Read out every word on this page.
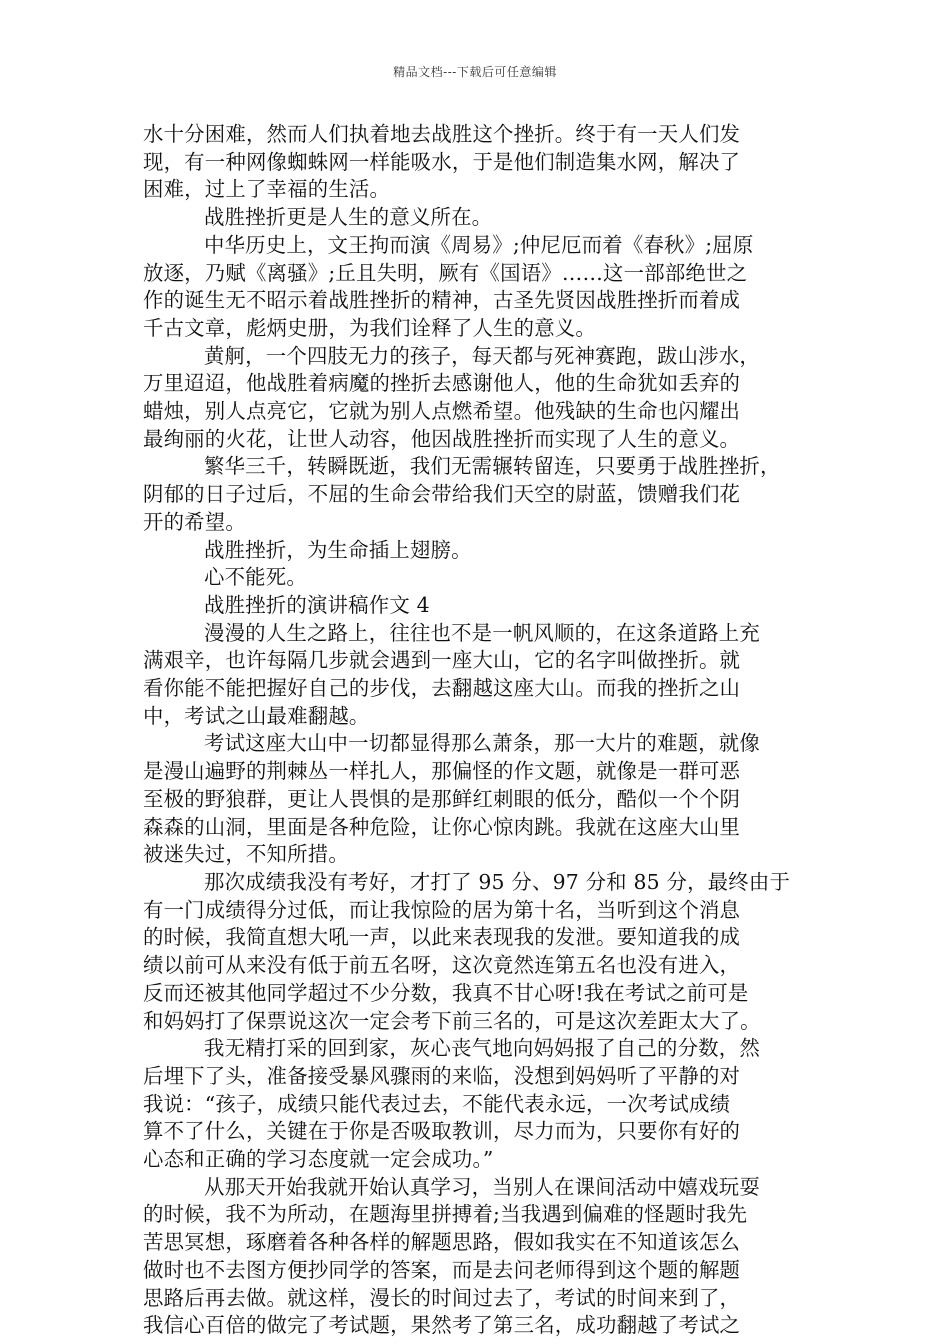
精品文档---下载后可任意编辑

水十分困难，然而人们执着地去战胜这个挫折。终于有一天人们发
现，有一种网像蜘蛛网一样能吸水，于是他们制造集水网，解决了
困难，过上了幸福的生活。

战胜挫折更是人生的意义所在。

中华历史上，文王拘而演《周易》;仲尼厄而着《春秋》;屈原
放逐，乃赋《离骚》;丘且失明，厥有《国语》……这一部部绝世之
作的诞生无不昭示着战胜挫折的精神，古圣先贤因战胜挫折而着成
千古文章，彪炳史册，为我们诠释了人生的意义。

黄舸，一个四肢无力的孩子，每天都与死神赛跑，跋山涉水，
万里迢迢，他战胜着病魔的挫折去感谢他人，他的生命犹如丢弃的
蜡烛，别人点亮它，它就为别人点燃希望。他残缺的生命也闪耀出
最绚丽的火花，让世人动容，他因战胜挫折而实现了人生的意义。

繁华三千，转瞬既逝，我们无需辗转留连，只要勇于战胜挫折，
阴郁的日子过后，不屈的生命会带给我们天空的尉蓝，馈赠我们花
开的希望。

战胜挫折，为生命插上翅膀。

心不能死。

战胜挫折的演讲稿作文 4

漫漫的人生之路上，往往也不是一帆风顺的，在这条道路上充
满艰辛，也许每隔几步就会遇到一座大山，它的名字叫做挫折。就
看你能不能把握好自己的步伐，去翻越这座大山。而我的挫折之山
中，考试之山最难翻越。

考试这座大山中一切都显得那么萧条，那一大片的难题，就像
是漫山遍野的荆棘丛一样扎人，那偏怪的作文题，就像是一群可恶
至极的野狼群，更让人畏惧的是那鲜红刺眼的低分，酷似一个个阴
森森的山洞，里面是各种危险，让你心惊肉跳。我就在这座大山里
被迷失过，不知所措。

那次成绩我没有考好，才打了 95 分、97 分和 85 分，最终由于
有一门成绩得分过低，而让我惊险的居为第十名，当听到这个消息
的时候，我简直想大吼一声，以此来表现我的发泄。要知道我的成
绩以前可从来没有低于前五名呀，这次竟然连第五名也没有进入，
反而还被其他同学超过不少分数，我真不甘心呀!我在考试之前可是
和妈妈打了保票说这次一定会考下前三名的，可是这次差距太大了。

我无精打采的回到家，灰心丧气地向妈妈报了自己的分数，然
后埋下了头，准备接受暴风骤雨的来临，没想到妈妈听了平静的对
我说：“孩子，成绩只能代表过去，不能代表永远，一次考试成绩
算不了什么，关键在于你是否吸取教训，尽力而为，只要你有好的
心态和正确的学习态度就一定会成功。”

从那天开始我就开始认真学习，当别人在课间活动中嬉戏玩耍
的时候，我不为所动，在题海里拼搏着;当我遇到偏难的怪题时我先
苦思冥想，琢磨着各种各样的解题思路，假如我实在不知道该怎么
做时也不去图方便抄同学的答案，而是去问老师得到这个题的解题
思路后再去做。就这样，漫长的时间过去了，考试的时间来到了，
我信心百倍的做完了考试题，果然考了第三名，成功翻越了考试之
